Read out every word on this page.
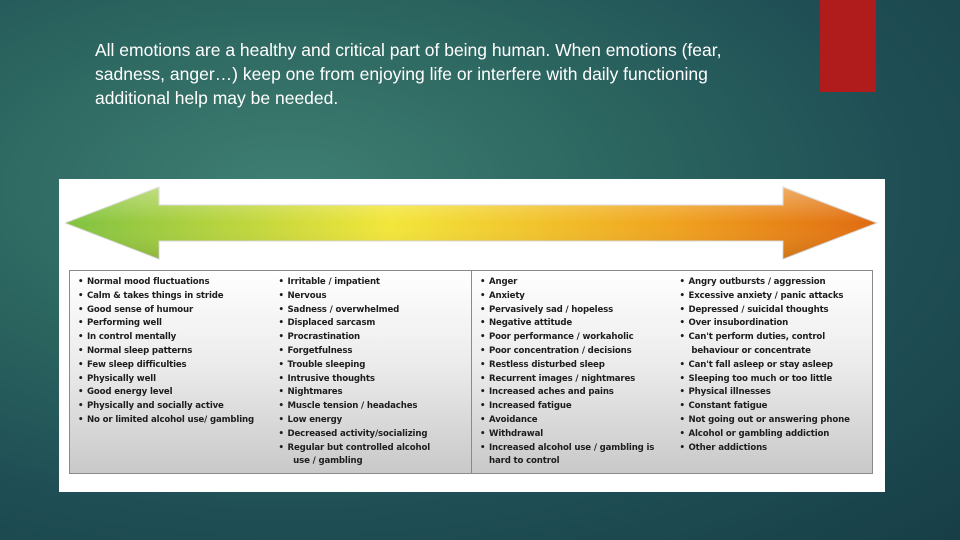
All emotions are a healthy and critical part of being human. When emotions (fear, sadness, anger…) keep one from enjoying life or interfere with daily functioning additional help may be needed.
• Normal mood fluctuations
• Calm & takes things in stride
• Good sense of humour
• Performing well
• In control mentally
• Normal sleep patterns
• Few sleep difficulties
• Physically well
• Good energy level
• Physically and socially active
• No or limited alcohol use/ gambling
• Irritable / impatient
• Nervous
• Sadness / overwhelmed
• Displaced sarcasm
• Procrastination
• Forgetfulness
• Trouble sleeping
• Intrusive thoughts
• Nightmares
• Muscle tension / headaches
• Low energy
• Decreased activity/socializing
• Regular but controlled alcohol
use / gambling
• Anger
• Anxiety
• Pervasively sad / hopeless
• Negative attitude
• Poor performance / workaholic
• Poor concentration / decisions
• Restless disturbed sleep
• Recurrent images / nightmares
• Increased aches and pains
• Increased fatigue
• Avoidance
• Withdrawal
• Increased alcohol use / gambling is
hard to control
• Angry outbursts / aggression
• Excessive anxiety / panic attacks
• Depressed / suicidal thoughts
• Over insubordination
• Can't perform duties, control
behaviour or concentrate
• Can't fall asleep or stay asleep
• Sleeping too much or too little
• Physical illnesses
• Constant fatigue
• Not going out or answering phone
• Alcohol or gambling addiction
• Other addictions
